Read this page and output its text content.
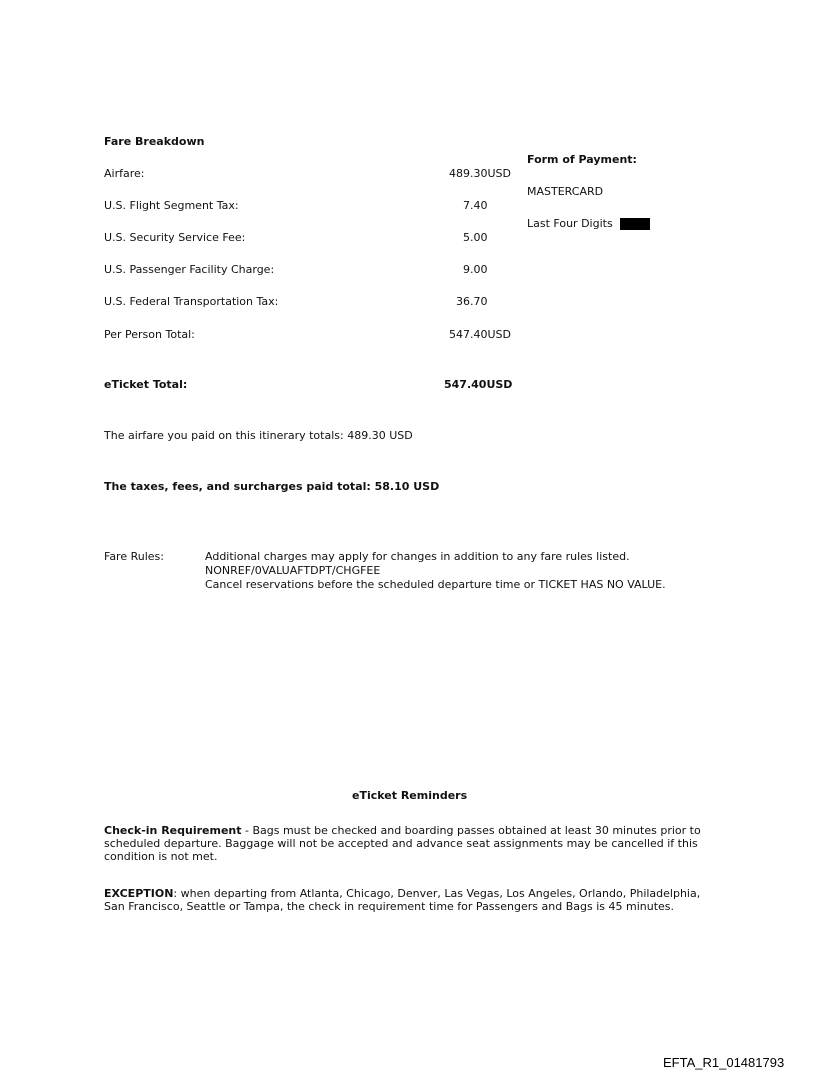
Fare Breakdown
Airfare:	489.30USD
U.S. Flight Segment Tax:	7.40
U.S. Security Service Fee:	5.00
U.S. Passenger Facility Charge:	9.00
U.S. Federal Transportation Tax:	36.70
Per Person Total:	547.40USD
eTicket Total:	547.40USD
Form of Payment:
MASTERCARD
Last Four Digits
The airfare you paid on this itinerary totals: 489.30 USD
The taxes, fees, and surcharges paid total: 58.10 USD
Fare Rules:	Additional charges may apply for changes in addition to any fare rules listed.
NONREF/0VALUAFTDPT/CHGFEE
Cancel reservations before the scheduled departure time or TICKET HAS NO VALUE.
eTicket Reminders
Check-in Requirement - Bags must be checked and boarding passes obtained at least 30 minutes prior to scheduled departure. Baggage will not be accepted and advance seat assignments may be cancelled if this condition is not met.
EXCEPTION: when departing from Atlanta, Chicago, Denver, Las Vegas, Los Angeles, Orlando, Philadelphia, San Francisco, Seattle or Tampa, the check in requirement time for Passengers and Bags is 45 minutes.
EFTA_R1_01481793
